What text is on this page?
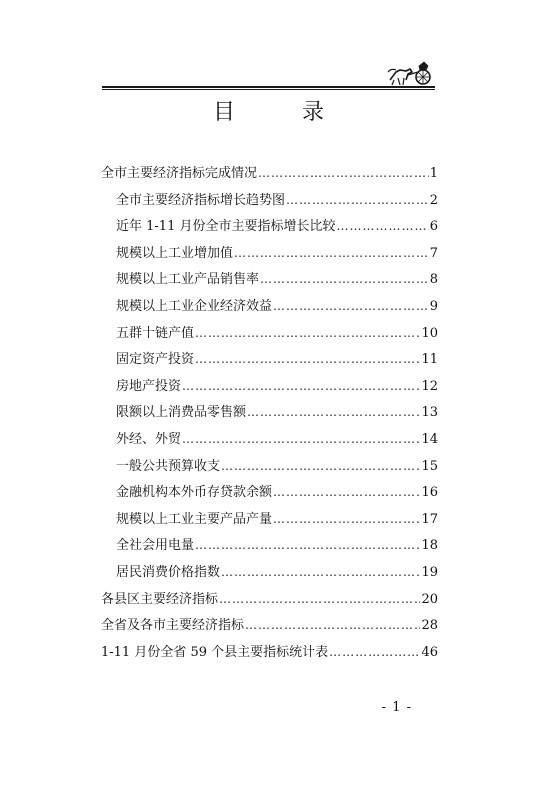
目 录
全市主要经济指标完成情况 ………………………………………………………………………………………………	1
全市主要经济指标增长趋势图 ………………………………………………………………………………………………	2
近年 1-11 月份全市主要指标增长比较 ………………………………………………………………………………………………	6
规模以上工业增加值 ………………………………………………………………………………………………	7
规模以上工业产品销售率 ………………………………………………………………………………………………	8
规模以上工业企业经济效益 ………………………………………………………………………………………………	9
五群十链产值 ………………………………………………………………………………………………	10
固定资产投资 ………………………………………………………………………………………………	11
房地产投资 ………………………………………………………………………………………………	12
限额以上消费品零售额 ………………………………………………………………………………………………	13
外经、外贸 ………………………………………………………………………………………………	14
一般公共预算收支 ………………………………………………………………………………………………	15
金融机构本外币存贷款余额 ………………………………………………………………………………………………	16
规模以上工业主要产品产量 ………………………………………………………………………………………………	17
全社会用电量 ………………………………………………………………………………………………	18
居民消费价格指数 ………………………………………………………………………………………………	19
各县区主要经济指标 ………………………………………………………………………………………………	20
全省及各市主要经济指标 ………………………………………………………………………………………………	28
1-11 月份全省 59 个县主要指标统计表 ………………………………………………………………………………………………	46
- 1 -
